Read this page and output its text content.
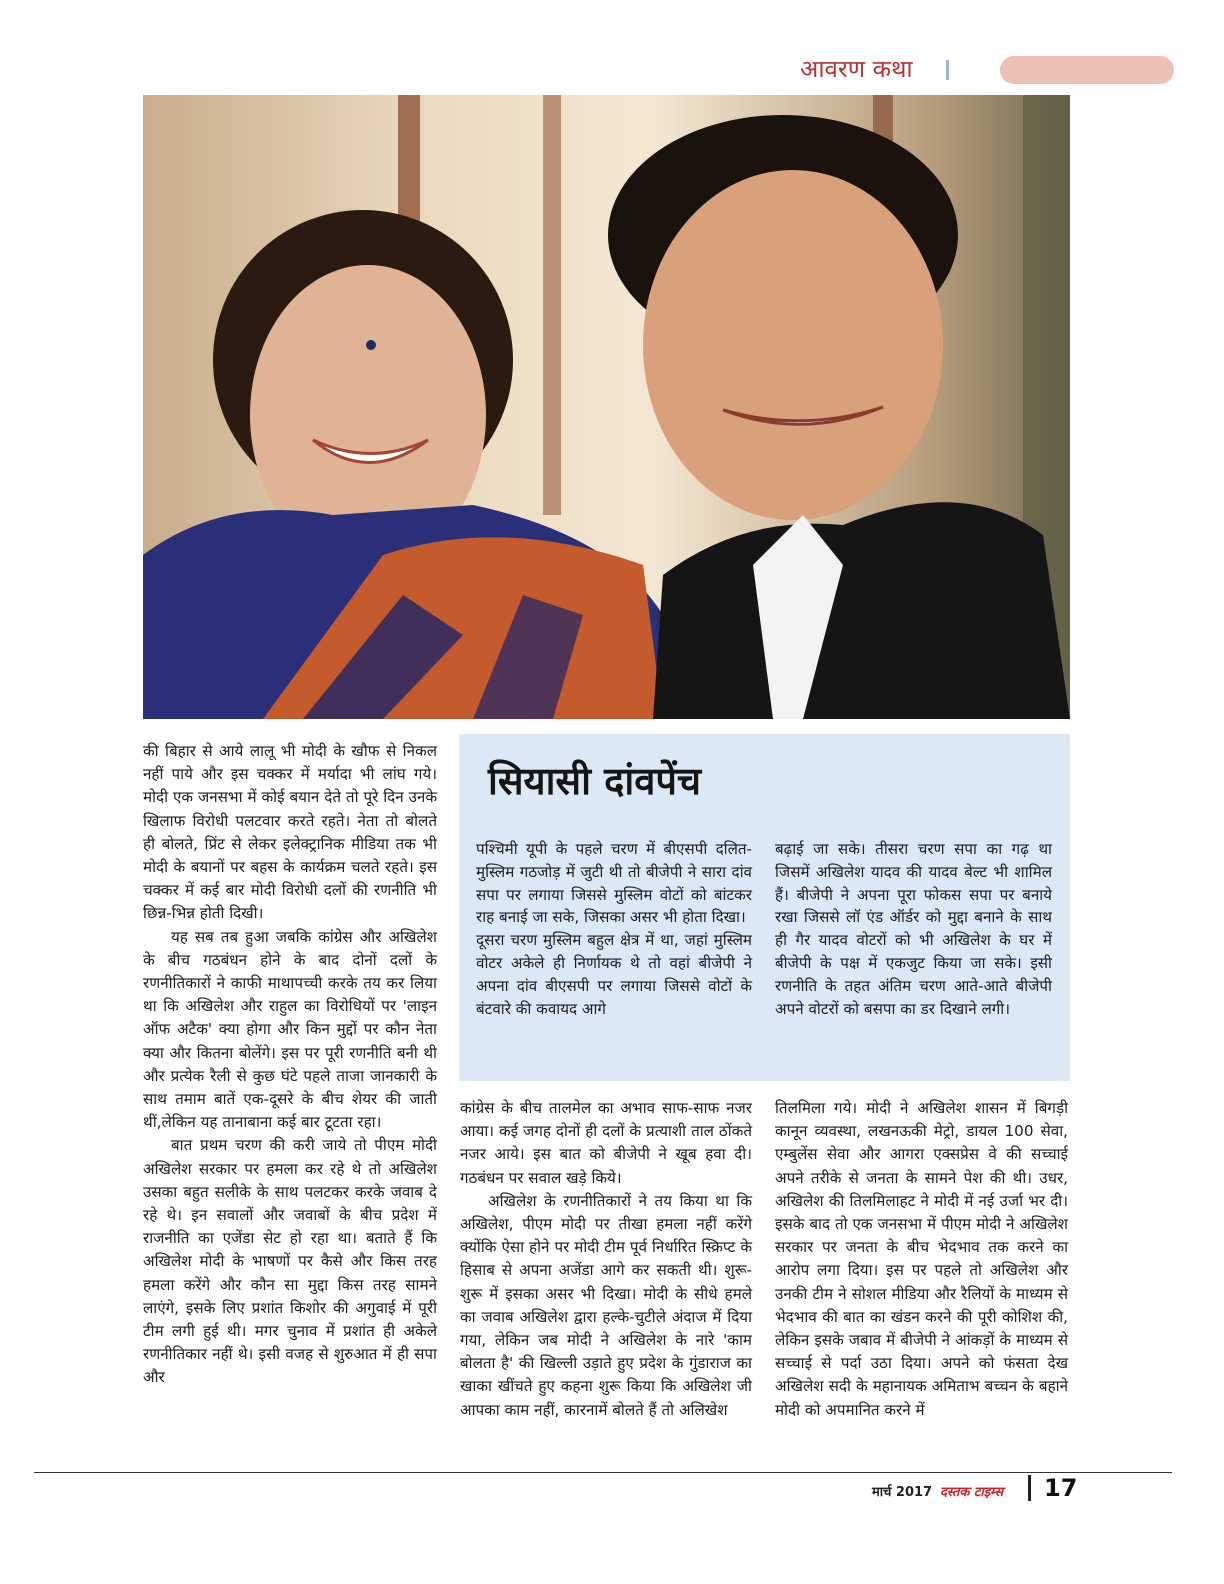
आवरण कथा

की बिहार से आये लालू भी मोदी के खौफ से निकल नहीं पाये और इस चक्कर में मर्यादा भी लांघ गये। मोदी एक जनसभा में कोई बयान देते तो पूरे दिन उनके खिलाफ विरोधी पलटवार करते रहते। नेता तो बोलते ही बोलते, प्रिंट से लेकर इलेक्ट्रानिक मीडिया तक भी मोदी के बयानों पर बहस के कार्यक्रम चलते रहते। इस चक्कर में कई बार मोदी विरोधी दलों की रणनीति भी छिन्न-भिन्न होती दिखी।

यह सब तब हुआ जबकि कांग्रेस और अखिलेश के बीच गठबंधन होने के बाद दोनों दलों के रणनीतिकारों ने काफी माथापच्ची करके तय कर लिया था कि अखिलेश और राहुल का विरोधियों पर 'लाइन ऑफ अटैक' क्या होगा और किन मुद्दों पर कौन नेता क्या और कितना बोलेंगे। इस पर पूरी रणनीति बनी थी और प्रत्येक रैली से कुछ घंटे पहले ताजा जानकारी के साथ तमाम बातें एक-दूसरे के बीच शेयर की जाती थीं,लेकिन यह तानाबाना कई बार टूटता रहा।

बात प्रथम चरण की करी जाये तो पीएम मोदी अखिलेश सरकार पर हमला कर रहे थे तो अखिलेश उसका बहुत सलीके के साथ पलटकर करके जवाब दे रहे थे। इन सवालों और जवाबों के बीच प्रदेश में राजनीति का एजेंडा सेट हो रहा था। बताते हैं कि अखिलेश मोदी के भाषणों पर कैसे और किस तरह हमला करेंगे और कौन सा मुद्दा किस तरह सामने लाएंगे, इसके लिए प्रशांत किशोर की अगुवाई में पूरी टीम लगी हुई थी। मगर चुनाव में प्रशांत ही अकेले रणनीतिकार नहीं थे। इसी वजह से शुरुआत में ही सपा और

सियासी दांवपेंच

पश्चिमी यूपी के पहले चरण में बीएसपी दलित-मुस्लिम गठजोड़ में जुटी थी तो बीजेपी ने सारा दांव सपा पर लगाया जिससे मुस्लिम वोटों को बांटकर राह बनाई जा सके, जिसका असर भी होता दिखा।

दूसरा चरण मुस्लिम बहुल क्षेत्र में था, जहां मुस्लिम वोटर अकेले ही निर्णायक थे तो वहां बीजेपी ने अपना दांव बीएसपी पर लगाया जिससे वोटों के बंटवारे की कवायद आगे

बढ़ाई जा सके। तीसरा चरण सपा का गढ़ था जिसमें अखिलेश यादव की यादव बेल्ट भी शामिल हैं। बीजेपी ने अपना पूरा फोकस सपा पर बनाये रखा जिससे लॉ एंड ऑर्डर को मुद्दा बनाने के साथ ही गैर यादव वोटरों को भी अखिलेश के घर में बीजेपी के पक्ष में एकजुट किया जा सके। इसी रणनीति के तहत अंतिम चरण आते-आते बीजेपी अपने वोटरों को बसपा का डर दिखाने लगी।

कांग्रेस के बीच तालमेल का अभाव साफ-साफ नजर आया। कई जगह दोनों ही दलों के प्रत्याशी ताल ठोंकते नजर आये। इस बात को बीजेपी ने खूब हवा दी। गठबंधन पर सवाल खड़े किये।

अखिलेश के रणनीतिकारों ने तय किया था कि अखिलेश, पीएम मोदी पर तीखा हमला नहीं करेंगे क्योंकि ऐसा होने पर मोदी टीम पूर्व निर्धारित स्क्रिप्ट के हिसाब से अपना अजेंडा आगे कर सकती थी। शुरू-शुरू में इसका असर भी दिखा। मोदी के सीधे हमले का जवाब अखिलेश द्वारा हल्के-चुटीले अंदाज में दिया गया, लेकिन जब मोदी ने अखिलेश के नारे 'काम बोलता है' की खिल्ली उड़ाते हुए प्रदेश के गुंडाराज का खाका खींचते हुए कहना शुरू किया कि अखिलेश जी आपका काम नहीं, कारनामें बोलते हैं तो अलिखेश

तिलमिला गये। मोदी ने अखिलेश शासन में बिगड़ी कानून व्यवस्था, लखनऊकी मेट्रो, डायल 100 सेवा, एम्बुलेंस सेवा और आगरा एक्सप्रेस वे की सच्चाई अपने तरीके से जनता के सामने पेश की थी। उधर, अखिलेश की तिलमिलाहट ने मोदी में नई उर्जा भर दी। इसके बाद तो एक जनसभा में पीएम मोदी ने अखिलेश सरकार पर जनता के बीच भेदभाव तक करने का आरोप लगा दिया। इस पर पहले तो अखिलेश और उनकी टीम ने सोशल मीडिया और रैलियों के माध्यम से भेदभाव की बात का खंडन करने की पूरी कोशिश की, लेकिन इसके जबाव में बीजेपी ने आंकड़ों के माध्यम से सच्चाई से पर्दा उठा दिया। अपने को फंसता देख अखिलेश सदी के महानायक अमिताभ बच्चन के बहाने मोदी को अपमानित करने में

मार्च 2017 दस्तक टाइम्स 17
